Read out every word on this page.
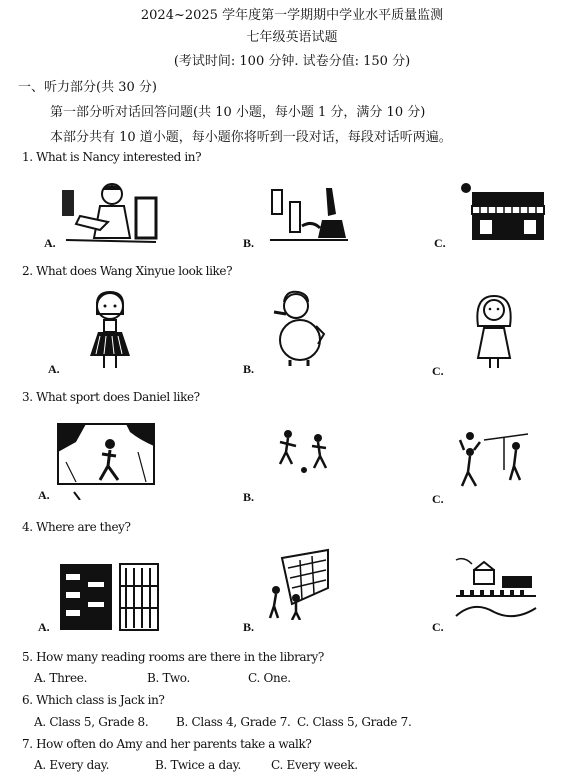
2024~2025 学年度第一学期期中学业水平质量监测
七年级英语试题
(考试时间: 100 分钟. 试卷分值: 150 分)
一、听力部分(共 30 分)
第一部分听对话回答问题(共 10 小题，每小题 1 分，满分 10 分)
本部分共有 10 道小题，每小题你将听到一段对话，每段对话听两遍。
1. What is Nancy interested in?
A.	B.	C.
2. What does Wang Xinyue look like?
A.	B.	C.
3. What sport does Daniel like?
A.	B.	C.
4. Where are they?
A.	B.	C.
5. How many reading rooms are there in the library?
A. Three.	B. Two.	C. One.
6. Which class is Jack in?
A. Class 5, Grade 8. B. Class 4, Grade 7. C. Class 5, Grade 7.
7. How often do Amy and her parents take a walk?
A. Every day.	B. Twice a day. C. Every week.
